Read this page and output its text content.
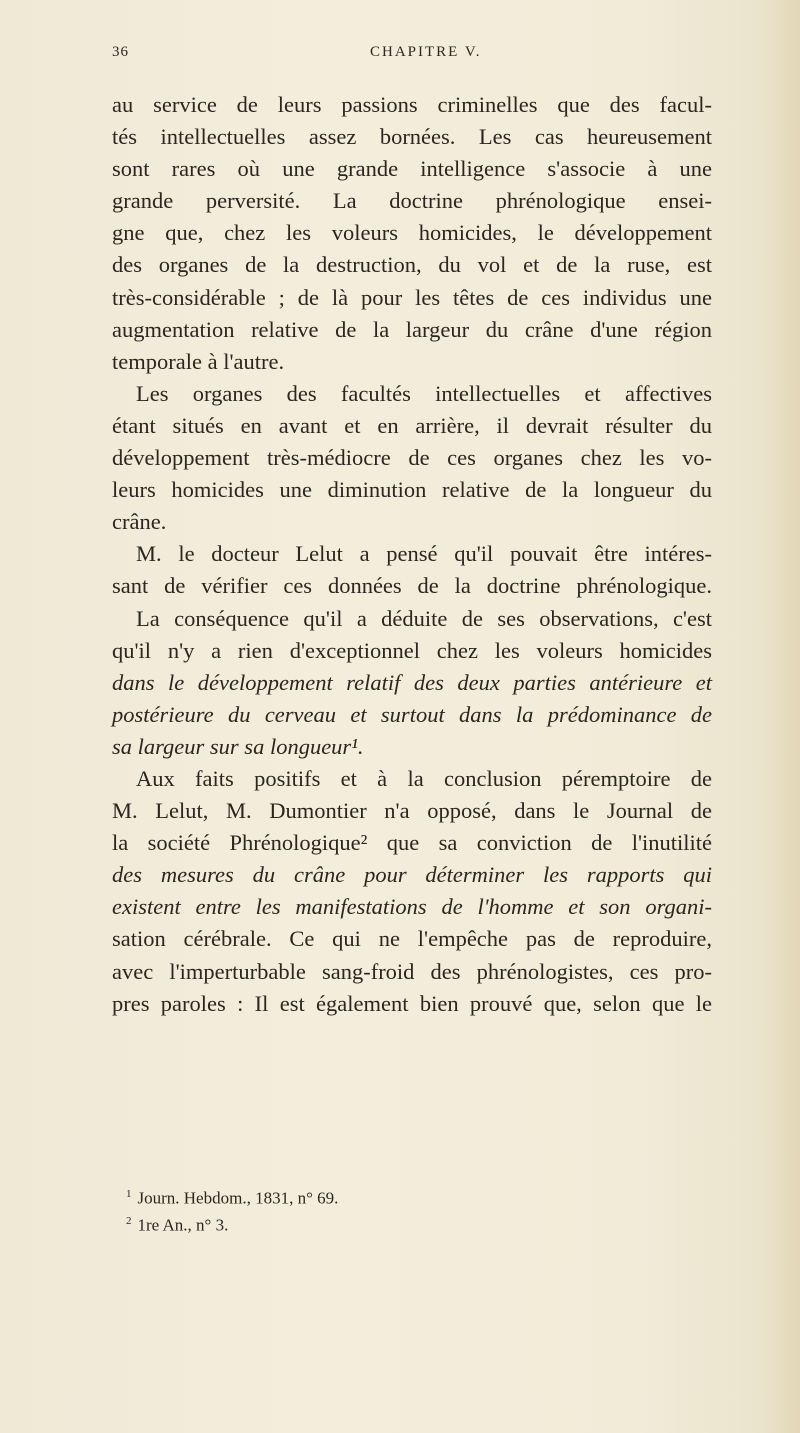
36	CHAPITRE V.
au service de leurs passions criminelles que des facul-
tés intellectuelles assez bornées. Les cas heureusement
sont rares où une grande intelligence s'associe à une
grande perversité. La doctrine phrénologique ensei-
gne que, chez les voleurs homicides, le développement
des organes de la destruction, du vol et de la ruse, est
très-considérable ; de là pour les têtes de ces individus une
augmentation relative de la largeur du crâne d'une région
temporale à l'autre.
Les organes des facultés intellectuelles et affectives
étant situés en avant et en arrière, il devrait résulter du
développement très-médiocre de ces organes chez les vo-
leurs homicides une diminution relative de la longueur du
crâne.
M. le docteur Lelut a pensé qu'il pouvait être intéres-
sant de vérifier ces données de la doctrine phrénologique.
La conséquence qu'il a déduite de ses observations, c'est
qu'il n'y a rien d'exceptionnel chez les voleurs homicides
dans le développement relatif des deux parties antérieure et
postérieure du cerveau et surtout dans la prédominance de
sa largeur sur sa longueur¹.
Aux faits positifs et à la conclusion péremptoire de
M. Lelut, M. Dumontier n'a opposé, dans le Journal de
la société Phrénologique² que sa conviction de l'inutilité
des mesures du crâne pour déterminer les rapports qui
existent entre les manifestations de l'homme et son organi-
sation cérébrale. Ce qui ne l'empêche pas de reproduire,
avec l'imperturbable sang-froid des phrénologistes, ces pro-
pres paroles : Il est également bien prouvé que, selon que le
$^1$ Journ. Hebdom., 1831, n° 69.
$^2$ 1re An., n° 3.
